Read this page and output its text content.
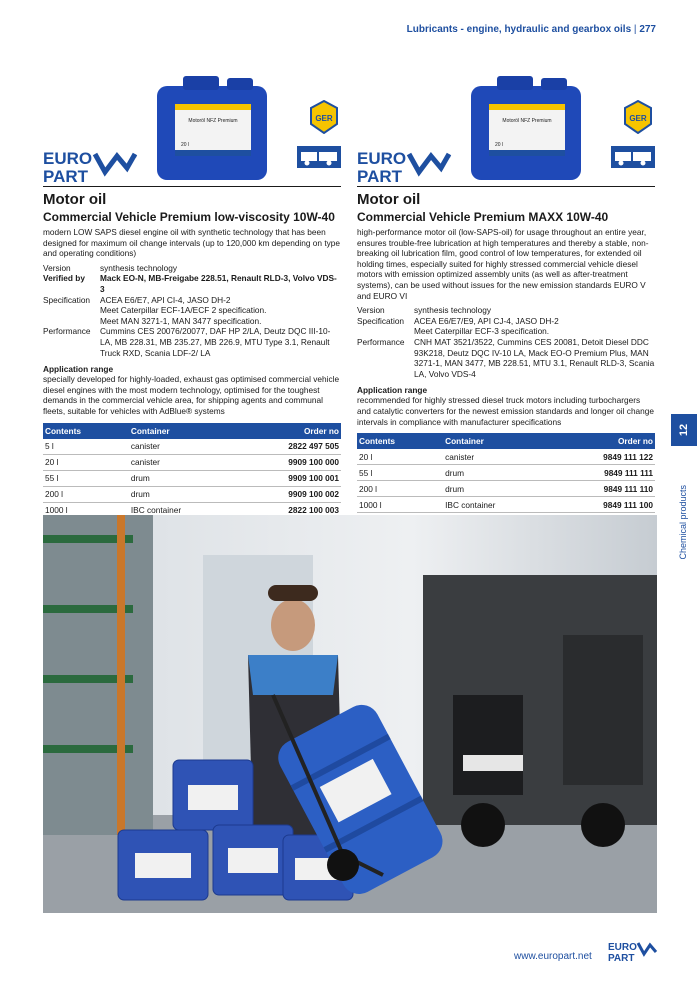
Lubricants - engine, hydraulic and gearbox oils | 277
Motoröl NFZ Premium
20 l
EURO
PART
®
GER
Motor oil
Commercial Vehicle Premium low-viscosity 10W-40

modern LOW SAPS diesel engine oil with synthetic technology that has been designed for maximum oil change intervals (up to 120,000 km depending on type and operating conditions)

Version	synthesis technology
Verified by	Mack EO-N, MB-Freigabe 228.51, Renault RLD-3, Volvo VDS-3
Specification	ACEA E6/E7, API CI-4, JASO DH-2
Meet Caterpillar ECF-1A/ECF 2 specification.
Meet MAN 3271-1, MAN 3477 specification.
Performance	Cummins CES 20076/20077, DAF HP 2/LA, Deutz DQC III-10-LA, MB 228.31, MB 235.27, MB 226.9, MTU Type 3.1, Renault Truck RXD, Scania LDF-2/ LA
Application range

specially developed for highly-loaded, exhaust gas optimised commercial vehicle diesel engines with the most modern technology, optimised for the toughest demands in the commercial vehicle area, for shipping agents and communal fleets, suitable for vehicles with AdBlue® systems

Contents	Container	Order no
5 l	canister	2822 497 505
20 l	canister	9909 100 000
55 l	drum	9909 100 001
200 l	drum	9909 100 002
1000 l	IBC container	2822 100 003

Motoröl NFZ Premium
20 l
EURO
PART
®
GER
Motor oil
Commercial Vehicle Premium MAXX 10W-40

high-performance motor oil (low-SAPS-oil) for usage throughout an entire year, ensures trouble-free lubrication at high temperatures and thereby a stable, non-breaking oil lubrication film, good control of low temperatures, for extended oil holding times, especially suited for highly stressed commercial vehicle diesel motors with emission optimized assembly units (as well as after-treatment systems), can be used without issues for the new emission standards EURO V and EURO VI

Version	synthesis technology
Specification	ACEA E6/E7/E9, API CJ-4, JASO DH-2
Meet Caterpillar ECF-3 specification.
Performance	CNH MAT 3521/3522, Cummins CES 20081, Detoit Diesel DDC 93K218, Deutz DQC IV-10 LA, Mack EO-O Premium Plus, MAN 3271-1, MAN 3477, MB 228.51, MTU 3.1, Renault RLD-3, Scania LA, Volvo VDS-4
Application range

recommended for highly stressed diesel truck motors including turbochargers and catalytic converters for the newest emission standards and longer oil change intervals in compliance with manufacturer specifications

Contents	Container	Order no
20 l	canister	9849 111 122
55 l	drum	9849 111 111
200 l	drum	9849 111 110
1000 l	IBC container	9849 111 100

12
Chemical products
www.europart.net
EURO
PART
